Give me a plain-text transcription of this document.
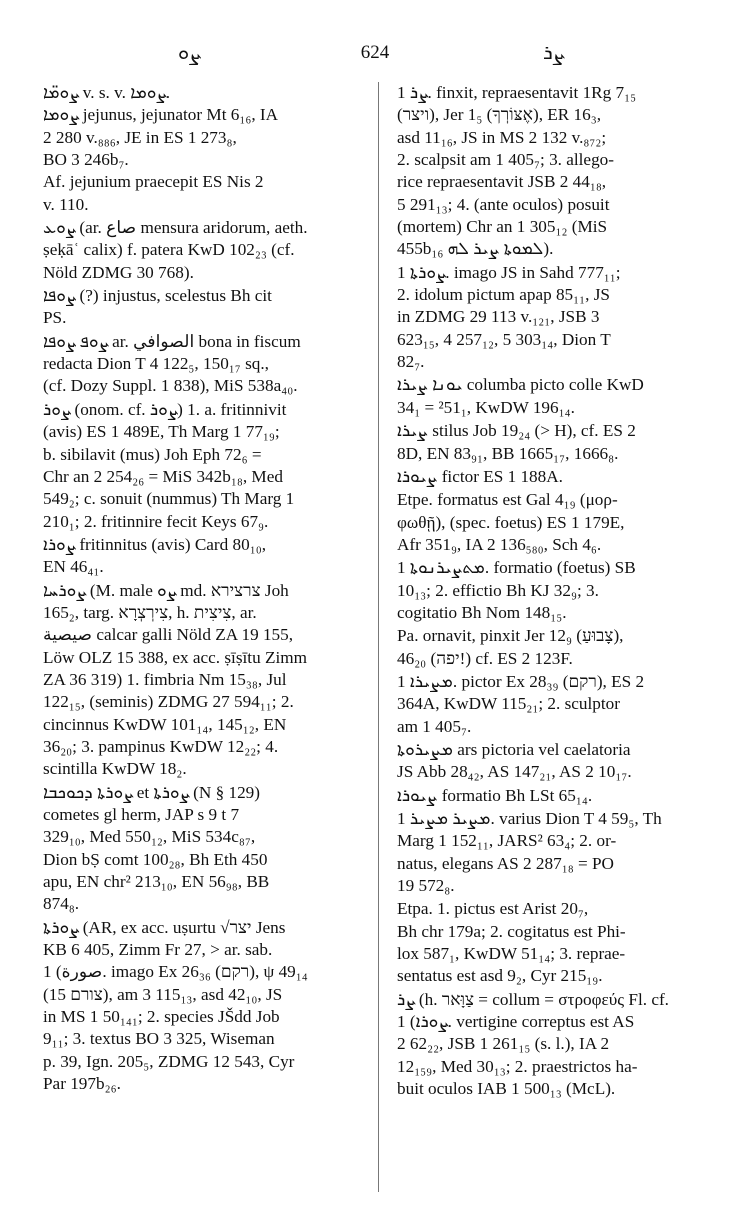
ܨܘ	624	ܨܪ
ܨܘܡ̈ܐ v. s. v. ܨܘܡܐ.
ܨܘܡܐ jejunus, jejunator Mt 6₁₆, IA
2 280 v.₈₈₆, JE in ES 1 273₈,
BO 3 246b₇.
Af. jejunium praecepit ES Nis 2
v. 110.
ܨܘܥ (ar. صاع mensura aridorum, aeth.
ṣeḳāʿ calix) f. patera KwD 102₂₃ (cf.
Nöld ZDMG 30 768).
ܨܘܦܐ (?) injustus, scelestus Bh cit
PS.
ܨܘܦ ܨܘܦܐ ar. الصوافي bona in fiscum
redacta Dion T 4 122₅, 150₁₇ sq.,
(cf. Dozy Suppl. 1 838), MiS 538a₄₀.
ܨܘܪ (onom. cf. ܨܘܪ) 1. a. fritinnivit
(avis) ES 1 489E, Th Marg 1 77₁₉;
b. sibilavit (mus) Joh Eph 72₆ =
Chr an 2 254₂₆ = MiS 342b₁₈, Med
549₂; c. sonuit (nummus) Th Marg 1
210₁; 2. fritinnire fecit Keys 67₉.
ܨܘܪܐ fritinnitus (avis) Card 80₁₀,
EN 46₄₁.
ܨܘܪܚܐ (M. male ܨܘ md. צרצירא Joh
165₂, targ. צִירְצְרָא, h. צִיצִית, ar.
صيصية calcar galli Nöld ZA 19 155,
Löw OLZ 15 388, ex acc. ṣīṣītu Zimm
ZA 36 319) 1. fimbria Nm 15₃₈, Jul
122₁₅, (seminis) ZDMG 27 594₁₁; 2.
cincinnus KwDW 101₁₄, 145₁₂, EN
36₂₀; 3. pampinus KwDW 12₂₂; 4.
scintilla KwDW 18₂.
ܨܘܪܬܐ ܕܟܘܟܒܐ et ܨܘܪܬܐ (N § 129)
cometes gl herm, JAP s 9 t 7
329₁₀, Med 550₁₂, MiS 534c₈₇,
Dion bṢ comt 100₂₈, Bh Eth 450
apu, EN chr² 213₁₀, EN 56₉₈, BB
874₈.
ܨܘܪܬܐ (AR, ex acc. uṣurtu √יצר Jens
KB 6 405, Zimm Fr 27, > ar. sab.
صورة) 1. imago Ex 26₃₆ (רקם), ψ 49₁₄
(15 צורם), am 3 115₁₃, asd 42₁₀, JS
in MS 1 50₁₄₁; 2. species JŠdd Job
9₁₁; 3. textus BO 3 325, Wiseman
p. 39, Ign. 205₅, ZDMG 12 543, Cyr
Par 197b₂₆.
ܨܪ 1. finxit, repraesentavit 1Rg 7₁₅
(ויצר), Jer 1₅ (אֶצּוֹרְךָ), ER 16₃,
asd 11₁₆, JS in MS 2 132 v.₈₇₂;
2. scalpsit am 1 405₇; 3. allego-
rice repraesentavit JSB 2 44₁₈,
5 291₁₃; 4. (ante oculos) posuit
(mortem) Chr an 1 305₁₂ (MiS
455b₁₆ ܠܡܘܬܐ ܨܝܪ ܠܗ).
ܨܘܪܬܐ 1. imago JS in Sahd 777₁₁;
2. idolum pictum apap 85₁₁, JS
in ZDMG 29 113 v.₁₂₁, JSB 3
623₁₅, 4 257₁₂, 5 303₁₄, Dion T
82₇.
ܝܘܢܐ ܨܝܪܐ columba picto colle KwD
34₁ = ²51₁, KwDW 196₁₄.
ܨܝܪܐ stilus Job 19₂₄ (> H), cf. ES 2
8D, EN 83₉₁, BB 1665₁₇, 1666₈.
ܨܝܘܪܐ fictor ES 1 188A.
Etpe. formatus est Gal 4₁₉ (μορ-
φωθῇ), (spec. foetus) ES 1 179E,
Afr 351₉, IA 2 136₅₈₀, Sch 4₆.
ܡܬܨܝܪܢܘܬܐ 1. formatio (foetus) SB
10₁₃; 2. effictio Bh KJ 32₉; 3.
cogitatio Bh Nom 148₁₅.
Pa. ornavit, pinxit Jer 12₉ (צָבוּעַ),
46₂₀ (יפה!) cf. ES 2 123F.
ܡܨܝܪܐ 1. pictor Ex 28₃₉ (רקם), ES 2
364A, KwDW 115₂₁; 2. sculptor
am 1 405₇.
ܡܨܝܪܘܬܐ ars pictoria vel caelatoria
JS Abb 28₄₂, AS 147₂₁, AS 2 10₁₇.
ܨܝܘܪܐ formatio Bh LSt 65₁₄.
ܡܨܝܪ ܡܨܝܪ 1. varius Dion T 4 59₅, Th
Marg 1 152₁₁, JARS² 63₄; 2. or-
natus, elegans AS 2 287₁₈ = PO
19 572₈.
Etpa. 1. pictus est Arist 20₇,
Bh chr 179a; 2. cogitatus est Phi-
lox 587₁, KwDW 51₁₄; 3. reprae-
sentatus est asd 9₂, Cyr 215₁₉.
ܨܪ (h. צַוָּאר = collum = στροφεύς Fl. cf.
ܨܘܪܐ) 1. vertigine correptus est AS
2 62₂₂, JSB 1 261₁₅ (s. l.), IA 2
12₁₅₉, Med 30₁₃; 2. praestrictos ha-
buit oculos IAB 1 500₁₃ (McL).
